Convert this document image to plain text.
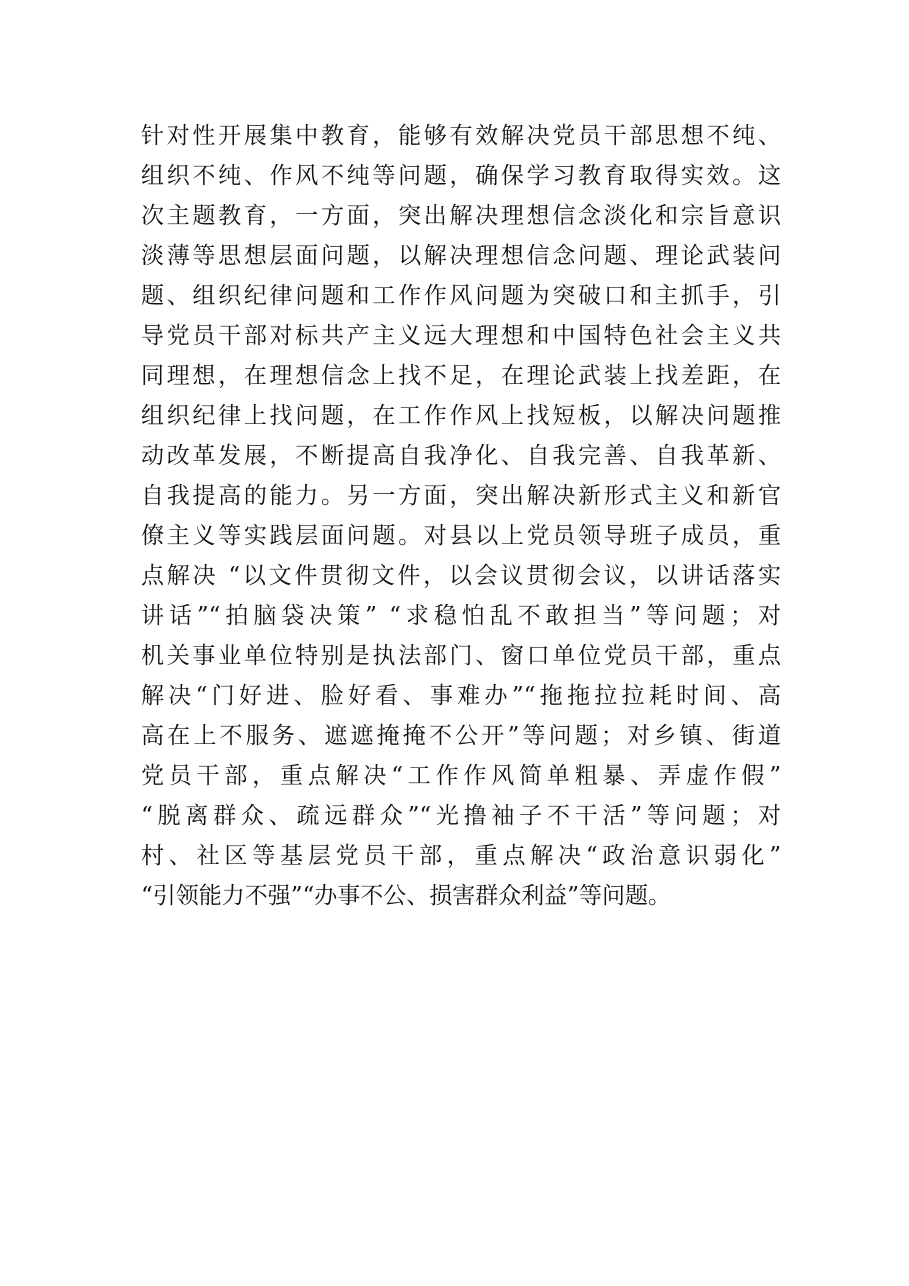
针对性开展集中教育，能够有效解决党员干部思想不纯、
组织不纯、作风不纯等问题，确保学习教育取得实效。这
次主题教育，一方面，突出解决理想信念淡化和宗旨意识
淡薄等思想层面问题，以解决理想信念问题、理论武装问
题、组织纪律问题和工作作风问题为突破口和主抓手，引
导党员干部对标共产主义远大理想和中国特色社会主义共
同理想，在理想信念上找不足，在理论武装上找差距，在
组织纪律上找问题，在工作作风上找短板，以解决问题推
动改革发展，不断提高自我净化、自我完善、自我革新、
自我提高的能力。另一方面，突出解决新形式主义和新官
僚主义等实践层面问题。对县以上党员领导班子成员，重
点解决 “以文件贯彻文件，以会议贯彻会议，以讲话落实
讲话”“拍脑袋决策” “求稳怕乱不敢担当”等问题；对
机关事业单位特别是执法部门、窗口单位党员干部，重点
解决“门好进、脸好看、事难办”“拖拖拉拉耗时间、高
高在上不服务、遮遮掩掩不公开”等问题；对乡镇、街道
党员干部，重点解决“工作作风简单粗暴、弄虚作假”
“脱离群众、疏远群众”“光撸袖子不干活”等问题；对
村、社区等基层党员干部，重点解决“政治意识弱化”
“引领能力不强”“办事不公、损害群众利益”等问题。
